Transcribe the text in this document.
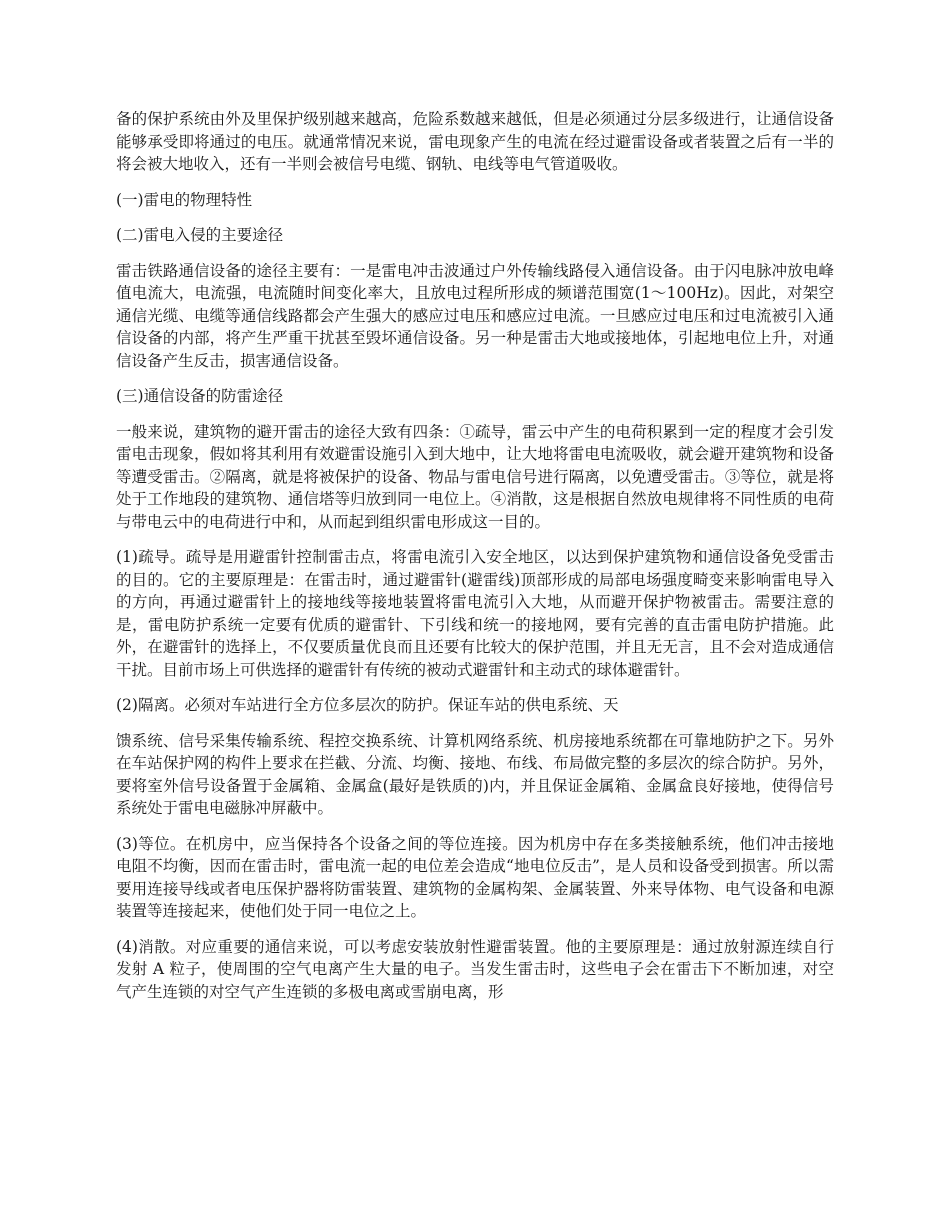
备的保护系统由外及里保护级别越来越高，危险系数越来越低，但是必须通过分层多级进行，让通信设备能够承受即将通过的电压。就通常情况来说，雷电现象产生的电流在经过避雷设备或者装置之后有一半的将会被大地收入，还有一半则会被信号电缆、钢轨、电线等电气管道吸收。

(一)雷电的物理特性

(二)雷电入侵的主要途径

雷击铁路通信设备的途径主要有：一是雷电冲击波通过户外传输线路侵入通信设备。由于闪电脉冲放电峰值电流大，电流强，电流随时间变化率大，且放电过程所形成的频谱范围宽(1～100Hz)。因此，对架空通信光缆、电缆等通信线路都会产生强大的感应过电压和感应过电流。一旦感应过电压和过电流被引入通信设备的内部，将产生严重干扰甚至毁坏通信设备。另一种是雷击大地或接地体，引起地电位上升，对通信设备产生反击，损害通信设备。

(三)通信设备的防雷途径

一般来说，建筑物的避开雷击的途径大致有四条：①疏导，雷云中产生的电荷积累到一定的程度才会引发雷电击现象，假如将其利用有效避雷设施引入到大地中，让大地将雷电电流吸收，就会避开建筑物和设备等遭受雷击。②隔离，就是将被保护的设备、物品与雷电信号进行隔离，以免遭受雷击。③等位，就是将处于工作地段的建筑物、通信塔等归放到同一电位上。④消散，这是根据自然放电规律将不同性质的电荷与带电云中的电荷进行中和，从而起到组织雷电形成这一目的。

(1)疏导。疏导是用避雷针控制雷击点，将雷电流引入安全地区，以达到保护建筑物和通信设备免受雷击的目的。它的主要原理是：在雷击时，通过避雷针(避雷线)顶部形成的局部电场强度畸变来影响雷电导入的方向，再通过避雷针上的接地线等接地装置将雷电流引入大地，从而避开保护物被雷击。需要注意的是，雷电防护系统一定要有优质的避雷针、下引线和统一的接地网，要有完善的直击雷电防护措施。此外，在避雷针的选择上，不仅要质量优良而且还要有比较大的保护范围，并且无无言，且不会对造成通信干扰。目前市场上可供选择的避雷针有传统的被动式避雷针和主动式的球体避雷针。

(2)隔离。必须对车站进行全方位多层次的防护。保证车站的供电系统、天

馈系统、信号采集传输系统、程控交换系统、计算机网络系统、机房接地系统都在可靠地防护之下。另外在车站保护网的构件上要求在拦截、分流、均衡、接地、布线、布局做完整的多层次的综合防护。另外，要将室外信号设备置于金属箱、金属盒(最好是铁质的)内，并且保证金属箱、金属盒良好接地，使得信号系统处于雷电电磁脉冲屏蔽中。

(3)等位。在机房中，应当保持各个设备之间的等位连接。因为机房中存在多类接触系统，他们冲击接地电阻不均衡，因而在雷击时，雷电流一起的电位差会造成“地电位反击”，是人员和设备受到损害。所以需要用连接导线或者电压保护器将防雷装置、建筑物的金属构架、金属装置、外来导体物、电气设备和电源装置等连接起来，使他们处于同一电位之上。

(4)消散。对应重要的通信来说，可以考虑安装放射性避雷装置。他的主要原理是：通过放射源连续自行发射 A 粒子，使周围的空气电离产生大量的电子。当发生雷击时，这些电子会在雷击下不断加速，对空气产生连锁的对空气产生连锁的多极电离或雪崩电离，形
